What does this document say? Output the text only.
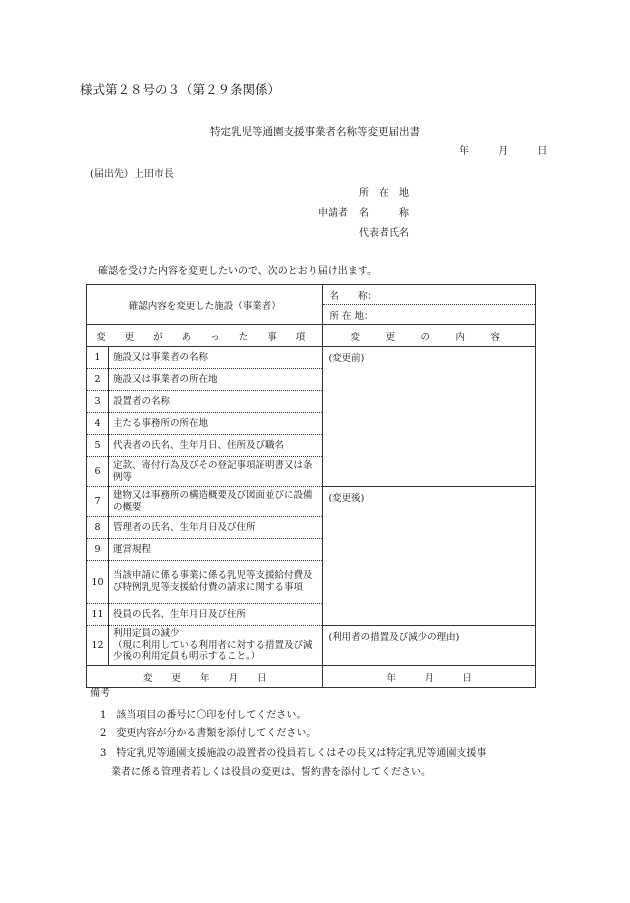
様式第２８号の３（第２９条関係）
特定乳児等通園支援事業者名称等変更届出書
年	月	日
(届出先）上田市長
所　在　地
申請者 名　　　称
代表者氏名
確認を受けた内容を変更したいので、次のとおり届け出ます。
確認内容を変更した施設（事業者）		名　　称：
		所 在 地：
変 更 が あ っ た 事 項		変　更　の　内　容
1	施設又は事業者の名称	(変更前)
2	施設又は事業者の所在地	
3	設置者の名称	
4	主たる事務所の所在地	
5	代表者の氏名、生年月日、住所及び職名	
6	定款、寄付行為及びその登記事項証明書又は条例等	
7	建物又は事務所の構造概要及び図面並びに設備の概要	(変更後)
8	管理者の氏名、生年月日及び住所	
9	運営規程	
10	当該申請に係る事業に係る乳児等支援給付費及び特例乳児等支援給付費の請求に関する事項	
11	役員の氏名、生年月日及び住所	
12	利用定員の減少
（現に利用している利用者に対する措置及び減少後の利用定員も明示すること。）	(利用者の措置及び減少の理由)
変　　更　　年　　月　　日		年　　　月　　　日
備考
1　該当項目の番号に〇印を付してください。
2　変更内容が分かる書類を添付してください。
3　特定乳児等通園支援施設の設置者の役員若しくはその長又は特定乳児等通園支援事
業者に係る管理者若しくは役員の変更は、誓約書を添付してください。
